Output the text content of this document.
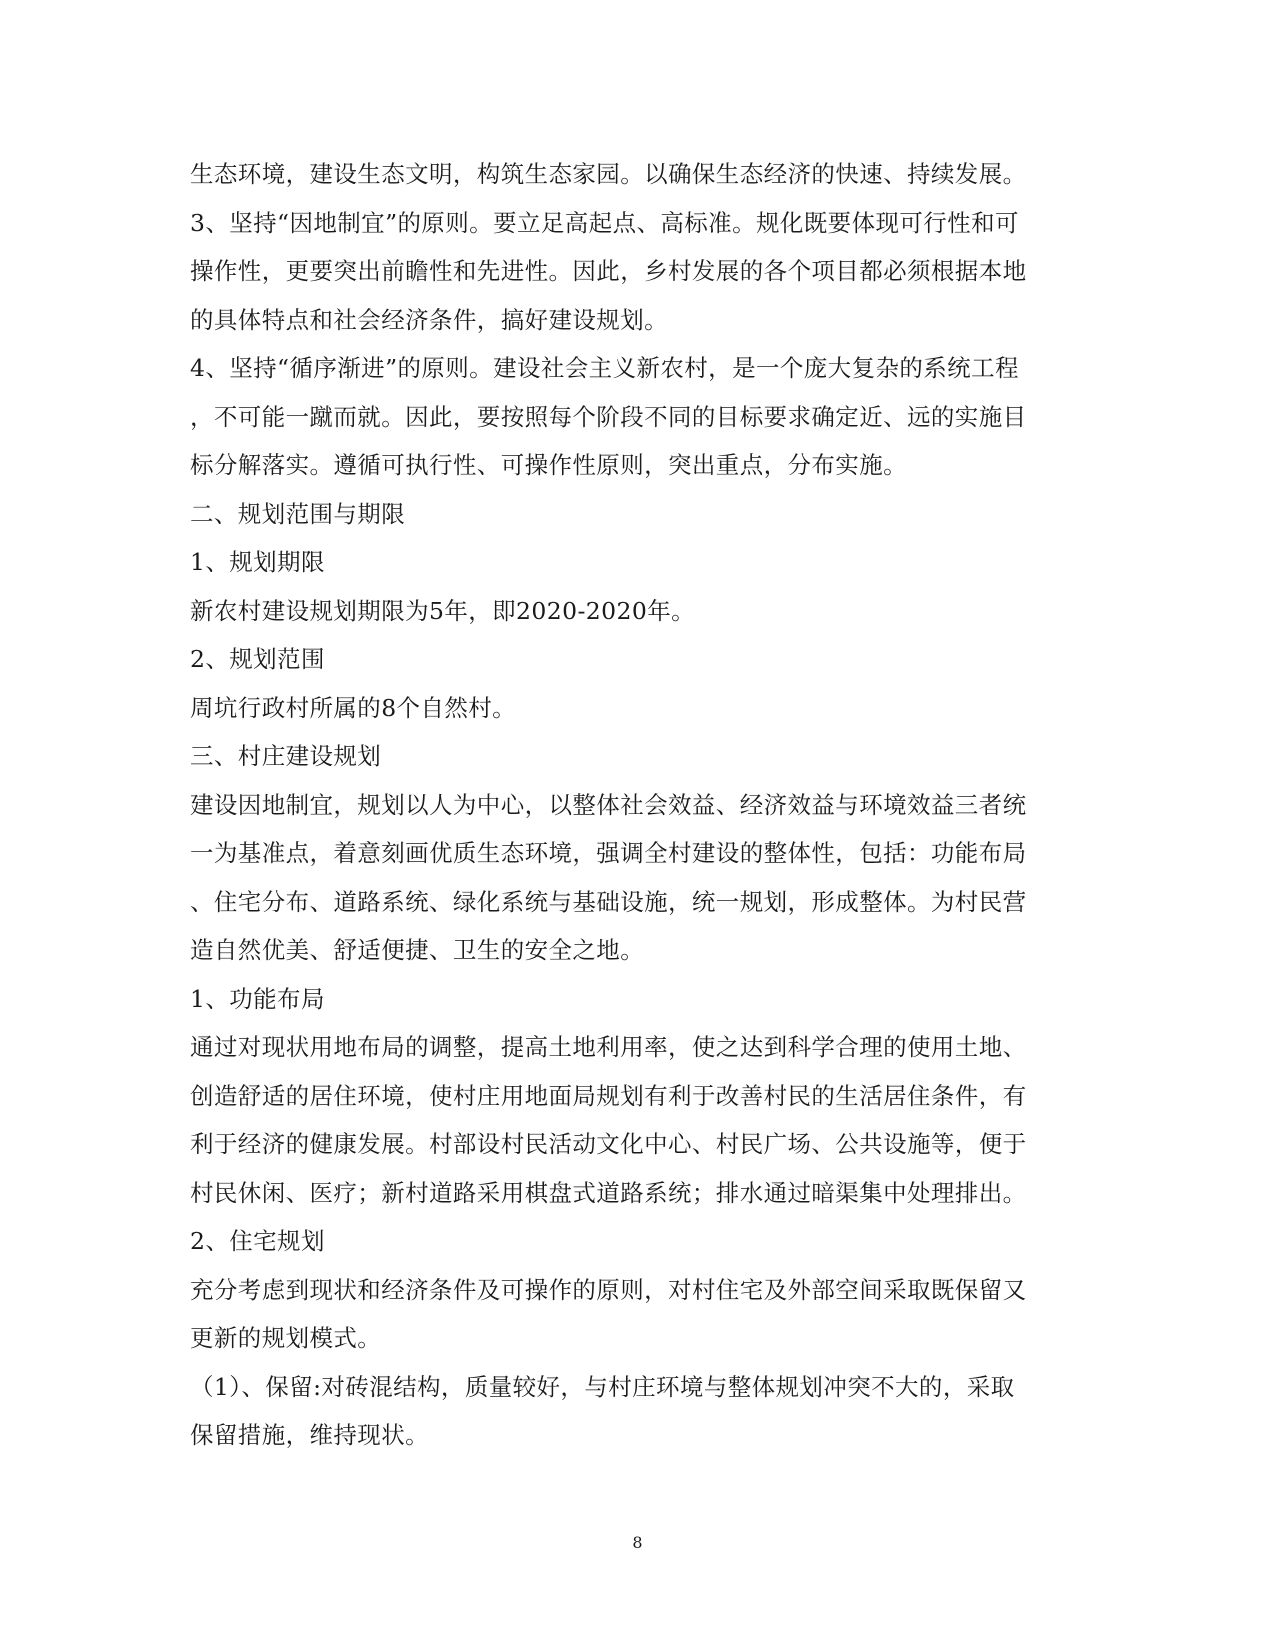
生态环境，建设生态文明，构筑生态家园。以确保生态经济的快速、持续发展。
3、坚持“因地制宜”的原则。要立足高起点、高标准。规化既要体现可行性和可
操作性，更要突出前瞻性和先进性。因此，乡村发展的各个项目都必须根据本地
的具体特点和社会经济条件，搞好建设规划。
4、坚持“循序渐进”的原则。建设社会主义新农村，是一个庞大复杂的系统工程
，不可能一蹴而就。因此，要按照每个阶段不同的目标要求确定近、远的实施目
标分解落实。遵循可执行性、可操作性原则，突出重点，分布实施。
二、规划范围与期限
1、规划期限
新农村建设规划期限为5年，即2020-2020年。
2、规划范围
周坑行政村所属的8个自然村。
三、村庄建设规划
建设因地制宜，规划以人为中心，以整体社会效益、经济效益与环境效益三者统
一为基准点，着意刻画优质生态环境，强调全村建设的整体性，包括：功能布局
、住宅分布、道路系统、绿化系统与基础设施，统一规划，形成整体。为村民营
造自然优美、舒适便捷、卫生的安全之地。
1、功能布局
通过对现状用地布局的调整，提高土地利用率，使之达到科学合理的使用土地、
创造舒适的居住环境，使村庄用地面局规划有利于改善村民的生活居住条件，有
利于经济的健康发展。村部设村民活动文化中心、村民广场、公共设施等，便于
村民休闲、医疗；新村道路采用棋盘式道路系统；排水通过暗渠集中处理排出。
2、住宅规划
充分考虑到现状和经济条件及可操作的原则，对村住宅及外部空间采取既保留又
更新的规划模式。
（1）、保留:对砖混结构，质量较好，与村庄环境与整体规划冲突不大的，采取
保留措施，维持现状。
8
